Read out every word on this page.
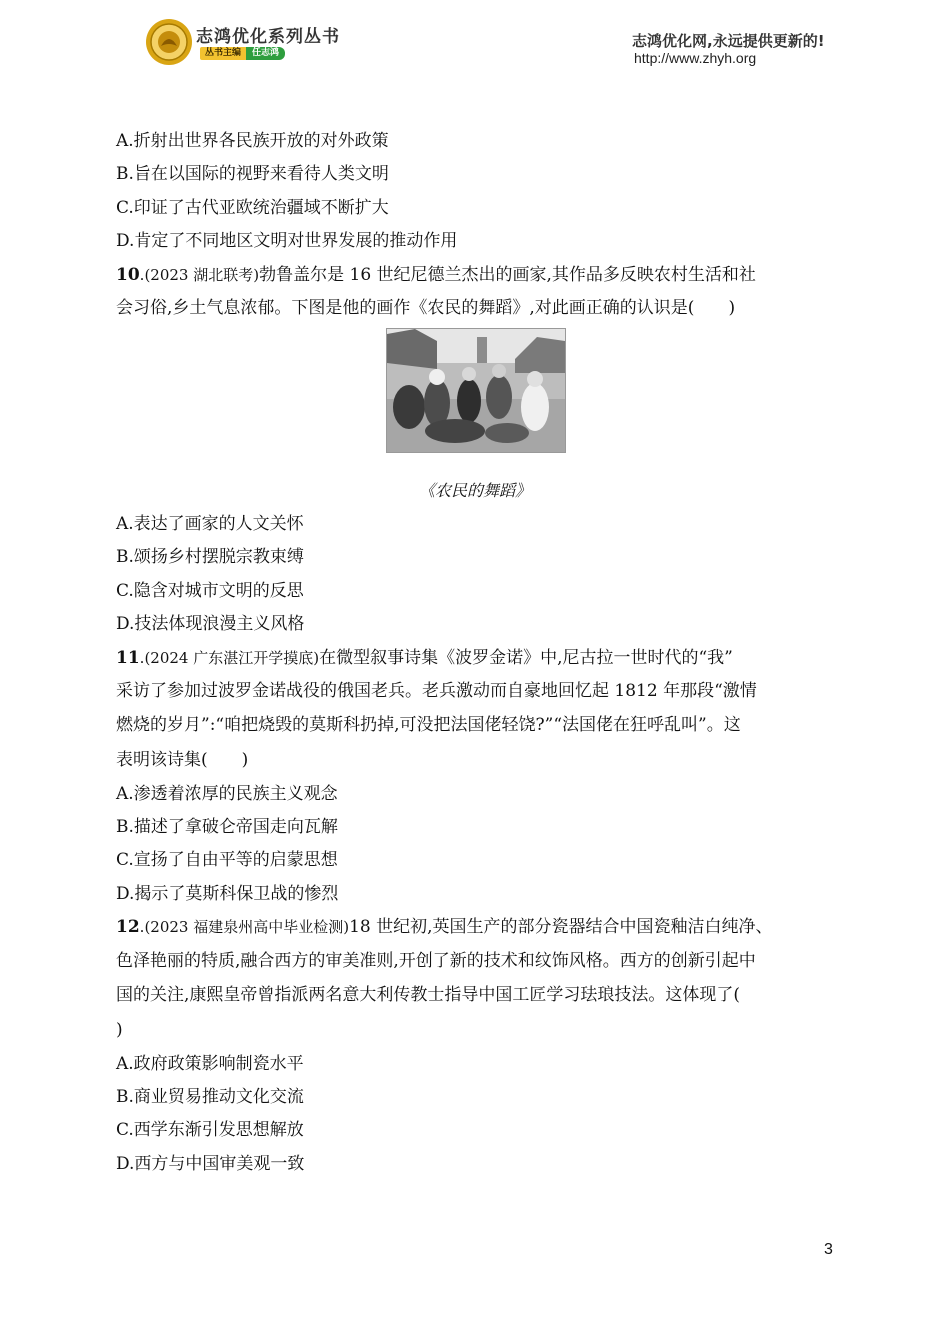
志鸿优化系列丛书
丛书主编	任志鸿
志鸿优化网,永远提供更新的!
http://www.zhyh.org
A.折射出世界各民族开放的对外政策
B.旨在以国际的视野来看待人类文明
C.印证了古代亚欧统治疆域不断扩大
D.肯定了不同地区文明对世界发展的推动作用
10.(2023 湖北联考)勃鲁盖尔是 16 世纪尼德兰杰出的画家,其作品多反映农村生活和社
会习俗,乡土气息浓郁。下图是他的画作《农民的舞蹈》,对此画正确的认识是(　　)
《农民的舞蹈》
A.表达了画家的人文关怀
B.颂扬乡村摆脱宗教束缚
C.隐含对城市文明的反思
D.技法体现浪漫主义风格
11.(2024 广东湛江开学摸底)在微型叙事诗集《波罗金诺》中,尼古拉一世时代的“我”
采访了参加过波罗金诺战役的俄国老兵。老兵激动而自豪地回忆起 1812 年那段“激情
燃烧的岁月”:“咱把烧毁的莫斯科扔掉,可没把法国佬轻饶?”“法国佬在狂呼乱叫”。这
表明该诗集(　　)
A.渗透着浓厚的民族主义观念
B.描述了拿破仑帝国走向瓦解
C.宣扬了自由平等的启蒙思想
D.揭示了莫斯科保卫战的惨烈
12.(2023 福建泉州高中毕业检测)18 世纪初,英国生产的部分瓷器结合中国瓷釉洁白纯净、
色泽艳丽的特质,融合西方的审美准则,开创了新的技术和纹饰风格。西方的创新引起中
国的关注,康熙皇帝曾指派两名意大利传教士指导中国工匠学习珐琅技法。这体现了(
)
A.政府政策影响制瓷水平
B.商业贸易推动文化交流
C.西学东渐引发思想解放
D.西方与中国审美观一致
3
